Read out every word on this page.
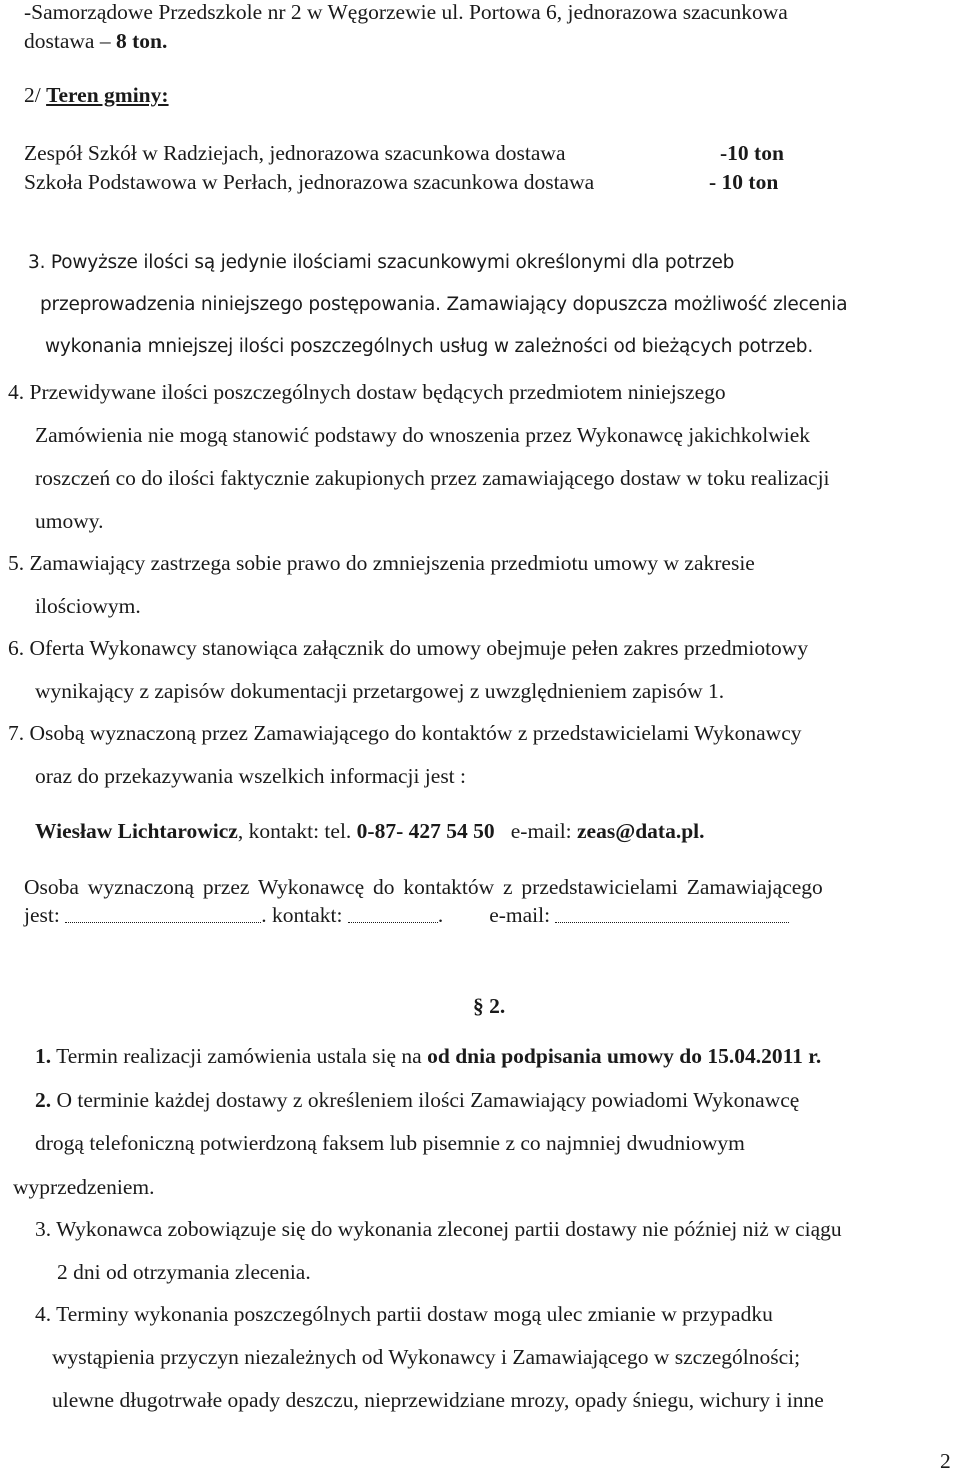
-Samorządowe Przedszkole nr 2 w Węgorzewie ul. Portowa 6, jednorazowa szacunkowa
dostawa – 8 ton.
2/ Teren gminy:
Zespół Szkół w Radziejach, jednorazowa szacunkowa dostawa	-10 ton
Szkoła Podstawowa w Perłach, jednorazowa szacunkowa dostawa	- 10 ton
3. Powyższe ilości są jedynie ilościami szacunkowymi określonymi dla potrzeb
przeprowadzenia niniejszego postępowania. Zamawiający dopuszcza możliwość zlecenia
wykonania mniejszej ilości poszczególnych usług w zależności od bieżących potrzeb.
4. Przewidywane ilości poszczególnych dostaw będących przedmiotem niniejszego
Zamówienia nie mogą stanowić podstawy do wnoszenia przez Wykonawcę jakichkolwiek
roszczeń co do ilości faktycznie zakupionych przez zamawiającego dostaw w toku realizacji
umowy.
5. Zamawiający zastrzega sobie prawo do zmniejszenia przedmiotu umowy w zakresie
ilościowym.
6. Oferta Wykonawcy stanowiąca załącznik do umowy obejmuje pełen zakres przedmiotowy
wynikający z zapisów dokumentacji przetargowej z uwzględnieniem zapisów 1.
7. Osobą wyznaczoną przez Zamawiającego do kontaktów z przedstawicielami Wykonawcy
oraz do przekazywania wszelkich informacji jest :
Wiesław Lichtarowicz, kontakt: tel. 0-87- 427 54 50   e-mail: zeas@data.pl.
Osoba wyznaczoną przez Wykonawcę do kontaktów z przedstawicielami Zamawiającego
jest:	. kontakt:	. e-mail:
§ 2.
1. Termin realizacji zamówienia ustala się na od dnia podpisania umowy do 15.04.2011 r.
2. O terminie każdej dostawy z określeniem ilości Zamawiający powiadomi Wykonawcę
drogą telefoniczną potwierdzoną faksem lub pisemnie z co najmniej dwudniowym
wyprzedzeniem.
3. Wykonawca zobowiązuje się do wykonania zleconej partii dostawy nie później niż w ciągu
2 dni od otrzymania zlecenia.
4. Terminy wykonania poszczególnych partii dostaw mogą ulec zmianie w przypadku
wystąpienia przyczyn niezależnych od Wykonawcy i Zamawiającego w szczególności;
ulewne długotrwałe opady deszczu, nieprzewidziane mrozy, opady śniegu, wichury i inne
2
